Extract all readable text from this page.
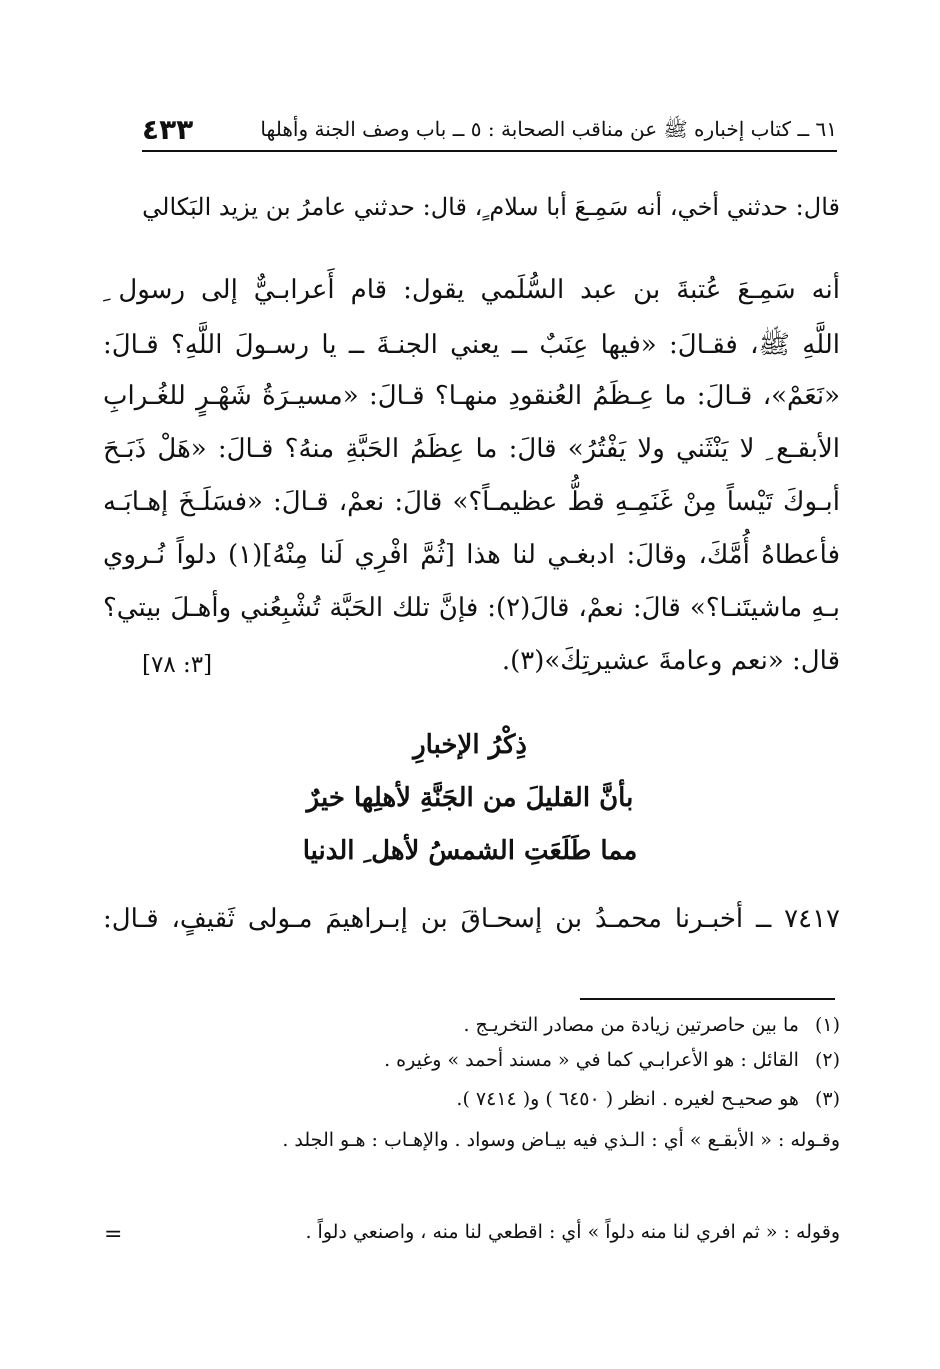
٦١ ــ كتاب إخباره ﷺ عن مناقب الصحابة : ٥ ــ باب وصف الجنة وأهلها
٤٣٣
قال: حدثني أخي، أنه سَمِـعَ أبا سلام ٍ، قال: حدثني عامرُ بن يزيد البَكالي
أنه سَمِـعَ عُتبةَ بن عبد السُّلَمي يقول: قام أَعرابـيٌّ إلى رسول ِ
اللَّهِ ﷺ، فقـالَ: «فيها عِنَبٌ ــ يعني الجنـةَ ــ يا رسـولَ اللَّهِ؟ قـالَ:
«نَعَمْ»، قـالَ: ما عِـظَمُ العُنقودِ منهـا؟ قـالَ: «مسيـرَةُ شَهْـرٍ للغُـرابِ
الأبقـع ِ لا يَنْثَني ولا يَفْتُرُ» قالَ: ما عِظَمُ الحَبَّةِ منهُ؟ قـالَ: «هَلْ ذَبَـحَ
أبـوكَ تَيْساً مِنْ غَنَمِـهِ قطُّ عظيمـاً؟» قالَ: نعمْ، قـالَ: «فسَلَـخَ إهـابَـه
فأعطاهُ أُمَّكَ، وقالَ: ادبغـي لنا هذا [ثُمَّ افْرِي لَنا مِنْهُ](١) دلواً نُـروي
بـهِ ماشيتَنـا؟» قالَ: نعمْ، قالَ(٢): فإنَّ تلك الحَبَّة تُشْبِعُني وأهـلَ بيتي؟
قال: «نعم وعامةَ عشيرتِكَ»(٣).
[٣: ٧٨]
ذِكْرُ الإخبارِ
بأنَّ القليلَ من الجَنَّةِ لأهلِها خيرٌ
مما طَلَعَتِ الشمسُ لأهل ِ الدنيا
٧٤١٧ ــ أخبـرنا محمـدُ بن إسحـاقَ بن إبـراهيمَ مـولى ثَقيفٍ، قـال:
(١)ما بين حاصرتين زيادة من مصادر التخريـج .
(٢)القائل : هو الأعرابـي كما في « مسند أحمد » وغيره .
(٣)هو صحيـح لغيره . انظر ( ٦٤٥٠ ) و( ٧٤١٤ ).
وقـوله : « الأبقـع » أي : الـذي فيه بيـاض وسواد . والإهـاب : هـو الجلد .
وقوله : « ثم افري لنا منه دلواً » أي : اقطعي لنا منه ، واصنعي دلواً .
=
